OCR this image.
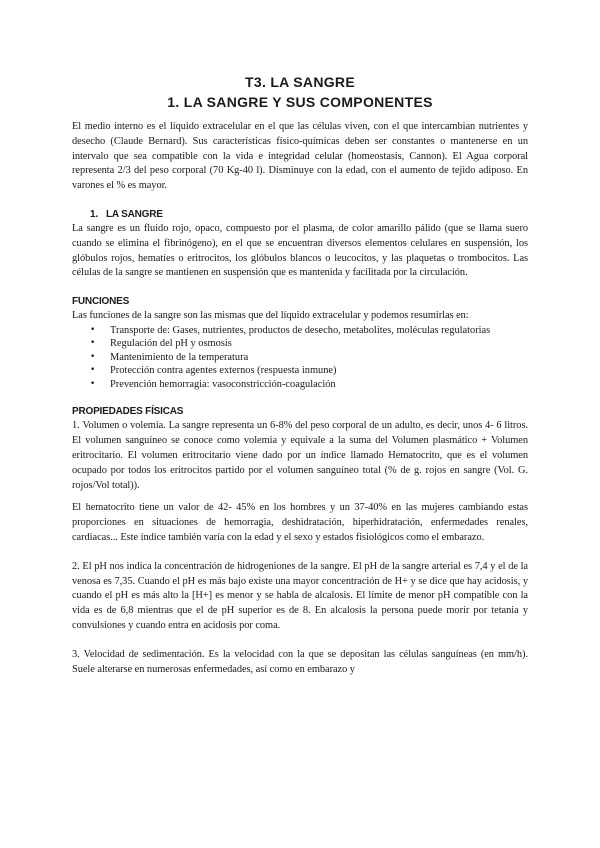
T3. LA SANGRE
1. LA SANGRE Y SUS COMPONENTES

El medio interno es el líquido extracelular en el que las células viven, con el que intercambian nutrientes y desecho (Claude Bernard). Sus características físico-químicas deben ser constantes o mantenerse en un intervalo que sea compatible con la vida e integridad celular (homeostasis, Cannon). El Agua corporal representa 2/3 del peso corporal (70 Kg-40 l). Disminuye con la edad, con el aumento de tejido adiposo. En varones el % es mayor.

1. LA SANGRE

La sangre es un fluido rojo, opaco, compuesto por el plasma, de color amarillo pálido (que se llama suero cuando se elimina el fibrinógeno), en el que se encuentran diversos elementos celulares en suspensión, los glóbulos rojos, hematíes o eritrocitos, los glóbulos blancos o leucocitos, y las plaquetas o trombocitos. Las células de la sangre se mantienen en suspensión que es mantenida y facilitada por la circulación.

FUNCIONES

Las funciones de la sangre son las mismas que del líquido extracelular y podemos resumirlas en:

• Transporte de: Gases, nutrientes, productos de desecho, metabolites, moléculas regulatorias
• Regulación del pH y osmosis
• Mantenimiento de la temperatura
• Protección contra agentes externos (respuesta inmune)
• Prevención hemorragia: vasoconstricción-coagulación
PROPIEDADES FÍSICAS

1. Volumen o volemia. La sangre representa un 6-8% del peso corporal de un adulto, es decir, unos 4- 6 litros. El volumen sanguíneo se conoce como volemia y equivale a la suma del Volumen plasmático + Volumen eritrocitario. El volumen eritrocitario viene dado por un índice llamado Hematocrito, que es el volumen ocupado por todos los eritrocitos partido por el volumen sanguíneo total (% de g. rojos en sangre (Vol. G. rojos/Vol total)).

El hematocrito tiene un valor de 42- 45% en los hombres y un 37-40% en las mujeres cambiando estas proporciones en situaciones de hemorragia, deshidratación, hiperhidratación, enfermedades renales, cardiacas... Este índice también varía con la edad y el sexo y estados fisiológicos como el embarazo.

2. El pH nos indica la concentración de hidrogeniones de la sangre. El pH de la sangre arterial es 7,4 y el de la venosa es 7,35. Cuando el pH es más bajo existe una mayor concentración de H+ y se dice que hay acidosis, y cuando el pH es más alto la [H+] es menor y se habla de alcalosis. El límite de menor pH compatible con la vida es de 6,8 mientras que el de pH superior es de 8. En alcalosis la persona puede morir por tetania y convulsiones y cuando entra en acidosis por coma.

3. Velocidad de sedimentación. Es la velocidad con la que se depositan las células sanguíneas (en mm/h). Suele alterarse en numerosas enfermedades, así como en embarazo y
